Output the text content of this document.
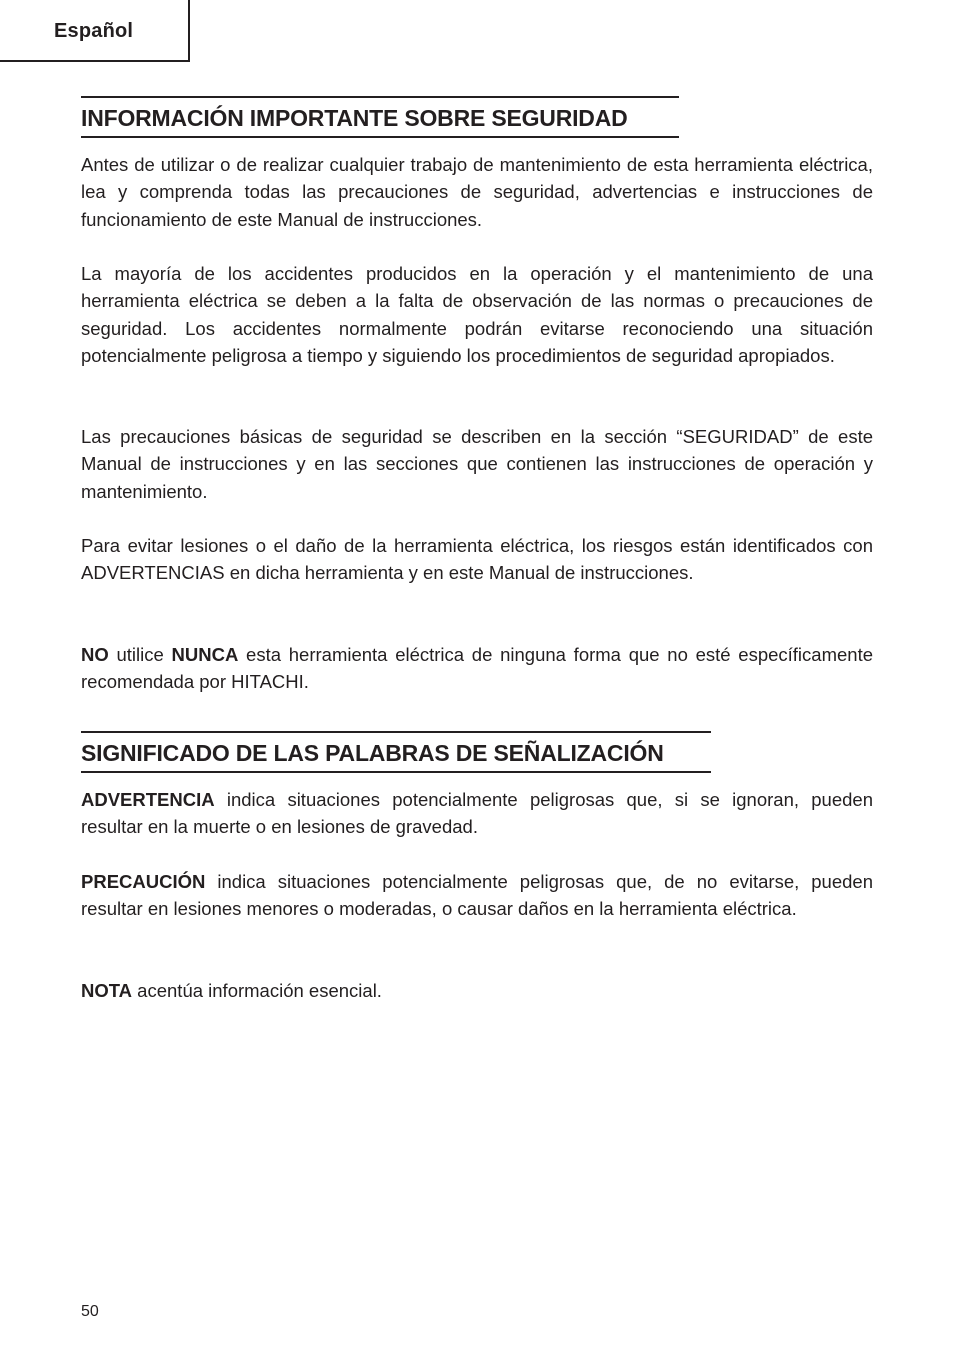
Español
INFORMACIÓN IMPORTANTE SOBRE SEGURIDAD

Antes de utilizar o de realizar cualquier trabajo de mantenimiento de esta herramienta eléctrica, lea y comprenda todas las precauciones de seguridad, advertencias e instrucciones de funcionamiento de este Manual de instrucciones.

La mayoría de los accidentes producidos en la operación y el mantenimiento de una herramienta eléctrica se deben a la falta de observación de las normas o precauciones de seguridad. Los accidentes normalmente podrán evitarse reconociendo una situación potencialmente peligrosa a tiempo y siguiendo los procedimientos de seguridad apropiados.

Las precauciones básicas de seguridad se describen en la sección “SEGURIDAD” de este Manual de instrucciones y en las secciones que contienen las instrucciones de operación y mantenimiento.

Para evitar lesiones o el daño de la herramienta eléctrica, los riesgos están identificados con ADVERTENCIAS en dicha herramienta y en este Manual de instrucciones.

NO utilice NUNCA esta herramienta eléctrica de ninguna forma que no esté específicamente recomendada por HITACHI.

SIGNIFICADO DE LAS PALABRAS DE SEÑALIZACIÓN

ADVERTENCIA indica situaciones potencialmente peligrosas que, si se ignoran, pueden resultar en la muerte o en lesiones de gravedad.

PRECAUCIÓN indica situaciones potencialmente peligrosas que, de no evitarse, pueden resultar en lesiones menores o moderadas, o causar daños en la herramienta eléctrica.

NOTA acentúa información esencial.

50
